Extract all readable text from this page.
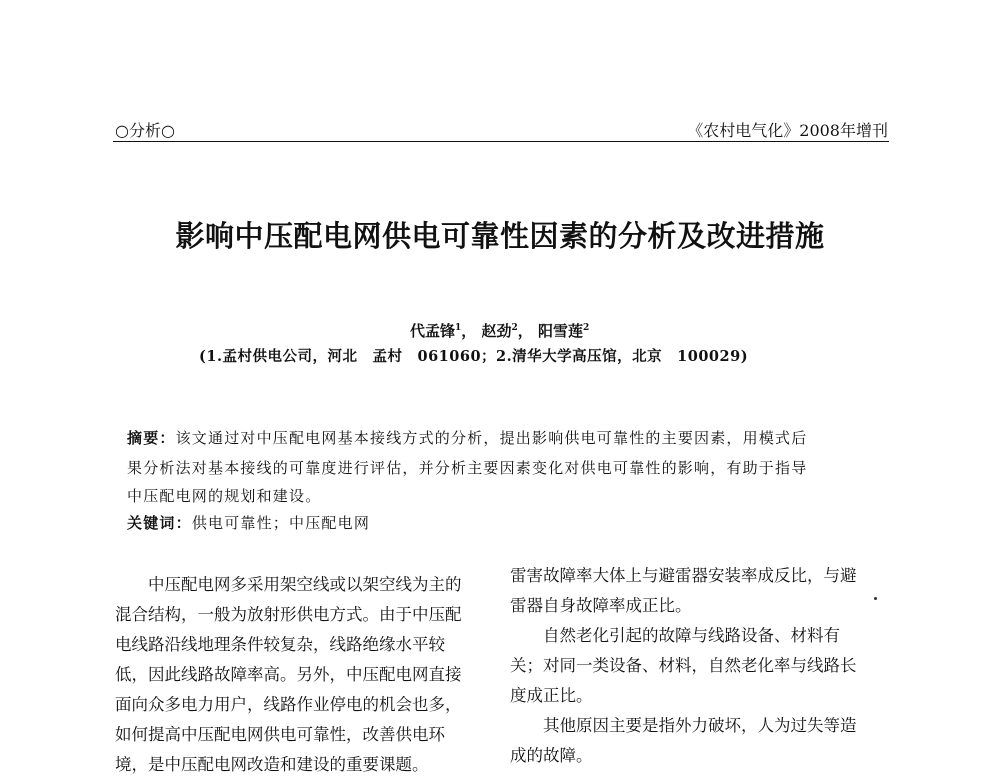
○分析○	《农村电气化》2008年增刊
影响中压配电网供电可靠性因素的分析及改进措施
代孟锋$^1$， 赵劲$^2$， 阳雪莲$^2$
(1.孟村供电公司，河北　孟村　061060；2.清华大学高压馆，北京　100029)
摘要：该文通过对中压配电网基本接线方式的分析，提出影响供电可靠性的主要因素，用模式后
果分析法对基本接线的可靠度进行评估，并分析主要因素变化对供电可靠性的影响，有助于指导
中压配电网的规划和建设。
关键词：供电可靠性；中压配电网

中压配电网多采用架空线或以架空线为主的

混合结构，一般为放射形供电方式。由于中压配

电线路沿线地理条件较复杂，线路绝缘水平较

低，因此线路故障率高。另外，中压配电网直接

面向众多电力用户，线路作业停电的机会也多，

如何提高中压配电网供电可靠性，改善供电环

境，是中压配电网改造和建设的重要课题。

雷害故障率大体上与避雷器安装率成反比，与避

雷器自身故障率成正比。

自然老化引起的故障与线路设备、材料有

关；对同一类设备、材料，自然老化率与线路长

度成正比。

其他原因主要是指外力破坏，人为过失等造

成的故障。
